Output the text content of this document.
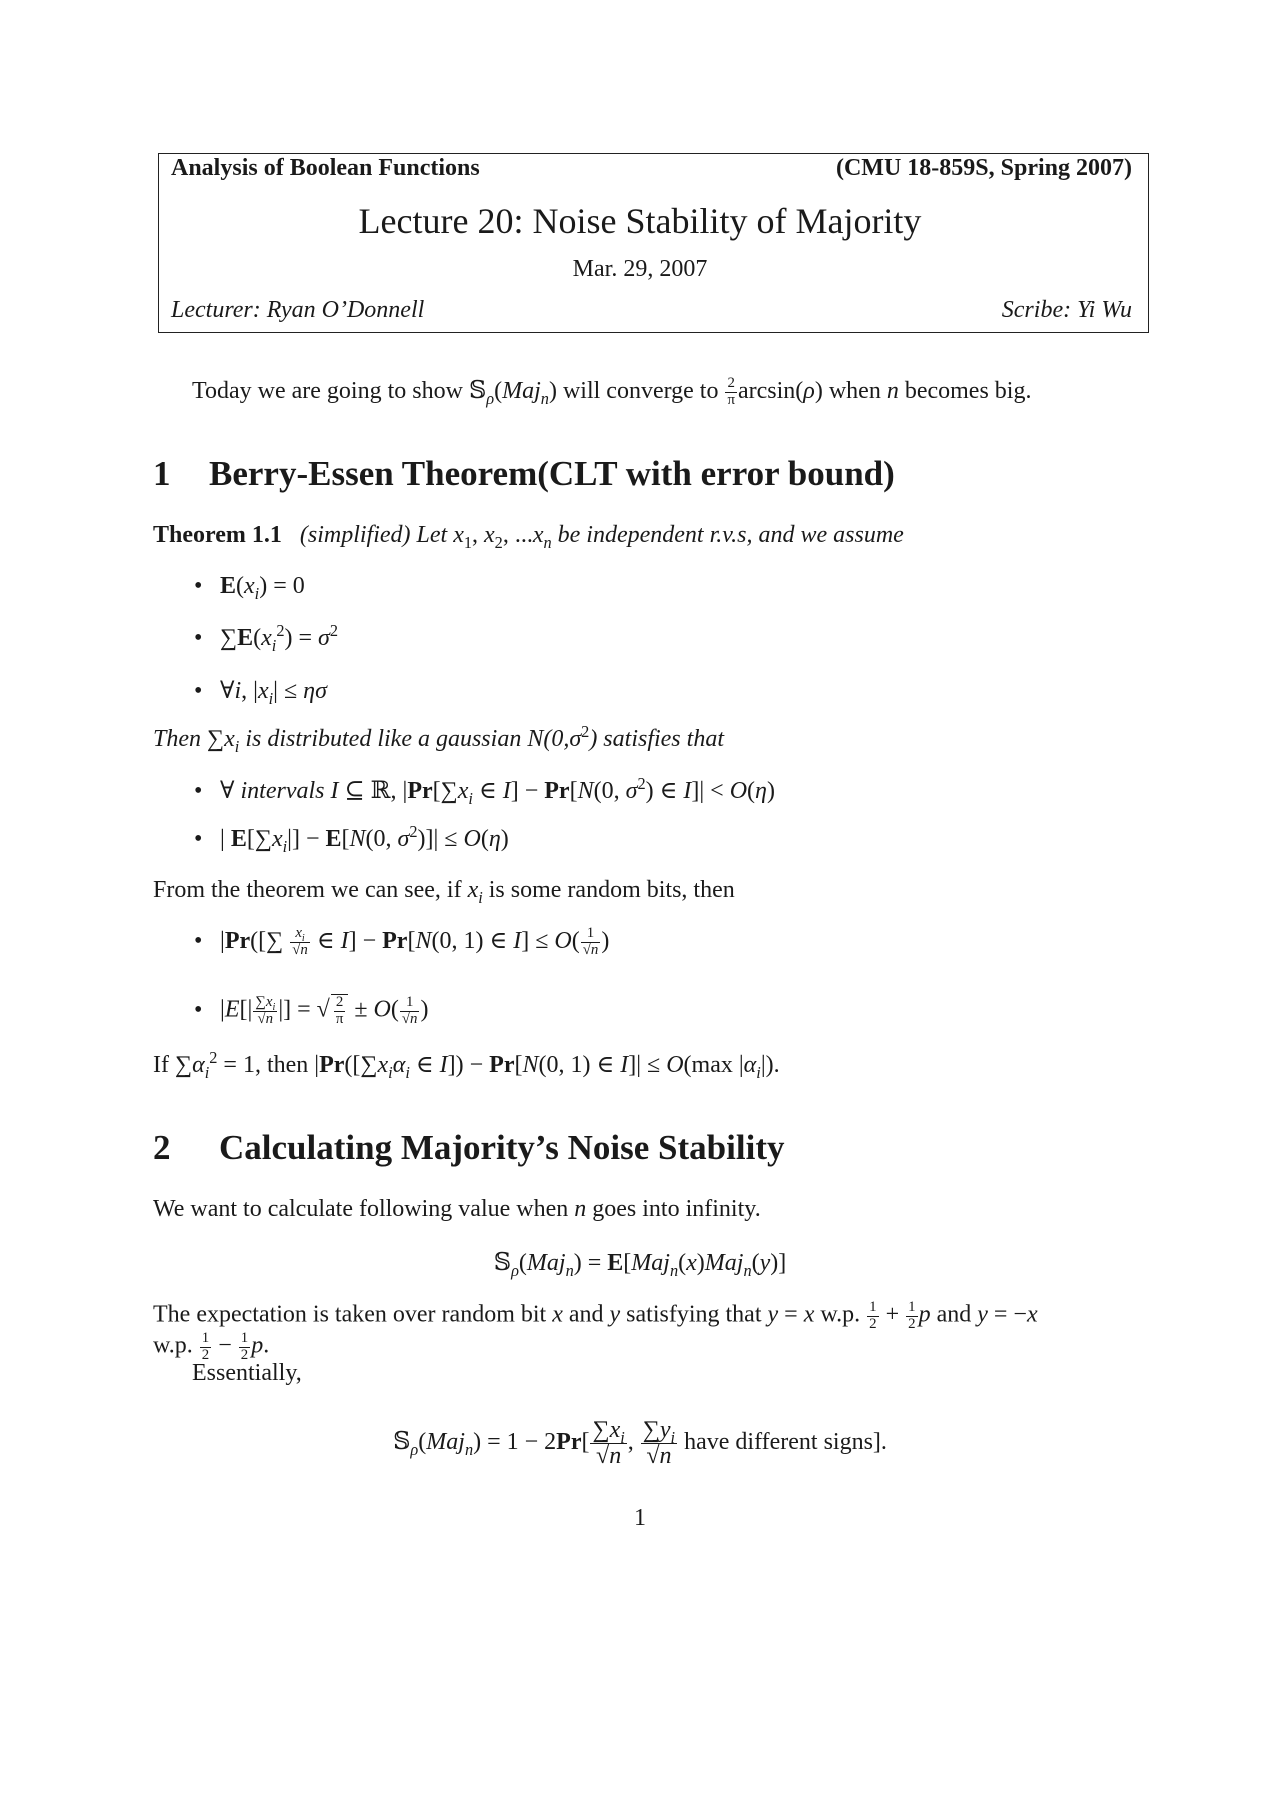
Analysis of Boolean Functions	(CMU 18-859S, Spring 2007)
Lecture 20: Noise Stability of Majority
Mar. 29, 2007
Lecturer: Ryan O’Donnell	Scribe: Yi Wu
Today we are going to show 𝕊$_\rho$(Maj$_n$) will converge to $\frac{2}{\pi} \arcsin(\rho)$ when n becomes big.
1 Berry-Essen Theorem(CLT with error bound)
Theorem 1.1 (simplified) Let $x_1$, $x_2$, $...x_n$ be independent r.v.s, and we assume
• $E(x_i) = 0$
• $\sum E(x_i^2) = \sigma^2$
• ∀i, $|x_i| \le \eta\sigma$
Then $\sum x_i$ is distributed like a gaussian $N(0,\sigma^2)$ satisfies that
• ∀ intervals I ⊆ ℝ, $|Pr[\sum x_i$ ∈ I] − Pr[N(0, $\sigma^2$) ∈ I]| < O(η)
• | $E[\sum x_i|] - E[N(0$, $\sigma^2)]| \le O(\eta)$
From the theorem we can see, if $x_i$ is some random bits, then
• $|Pr([\sum \frac{x_i}{√n}$ ∈ I] − Pr[N(0, 1) ∈ $I] \le O( \frac{1}{√n}$ )
• $|E[| \frac{\sum x_i}{√n}$ |] = √ $\frac{2}{\pi} \pm O( \frac{1}{√n}$ )
If $\sum\alpha_i^2 = 1$, then $|Pr([\sum x_i\alpha_i$ ∈ I]) − Pr[N(0, 1) ∈ I]| ≤ O(max $|\alpha_i|$).
2 Calculating Majority’s Noise Stability
We want to calculate following value when n goes into infinity.
𝕊$_\rho$(Maj$_n$) = E[Maj$_n$(x)Maj$_n$(y)]
The expectation is taken over random bit x and y satisfying that y = x w.p. $\frac{1}{2} + \frac{1}{2}$ p and y = −x
w.p. $\frac{1}{2} - \frac{1}{2} p$.
Essentially,
𝕊$_\rho$(Maj$_n$) = $1 - 2Pr[ \frac{\sum x_i}{√n}$ , $\frac{\sum y_i}{√n}$ have different signs].
1
